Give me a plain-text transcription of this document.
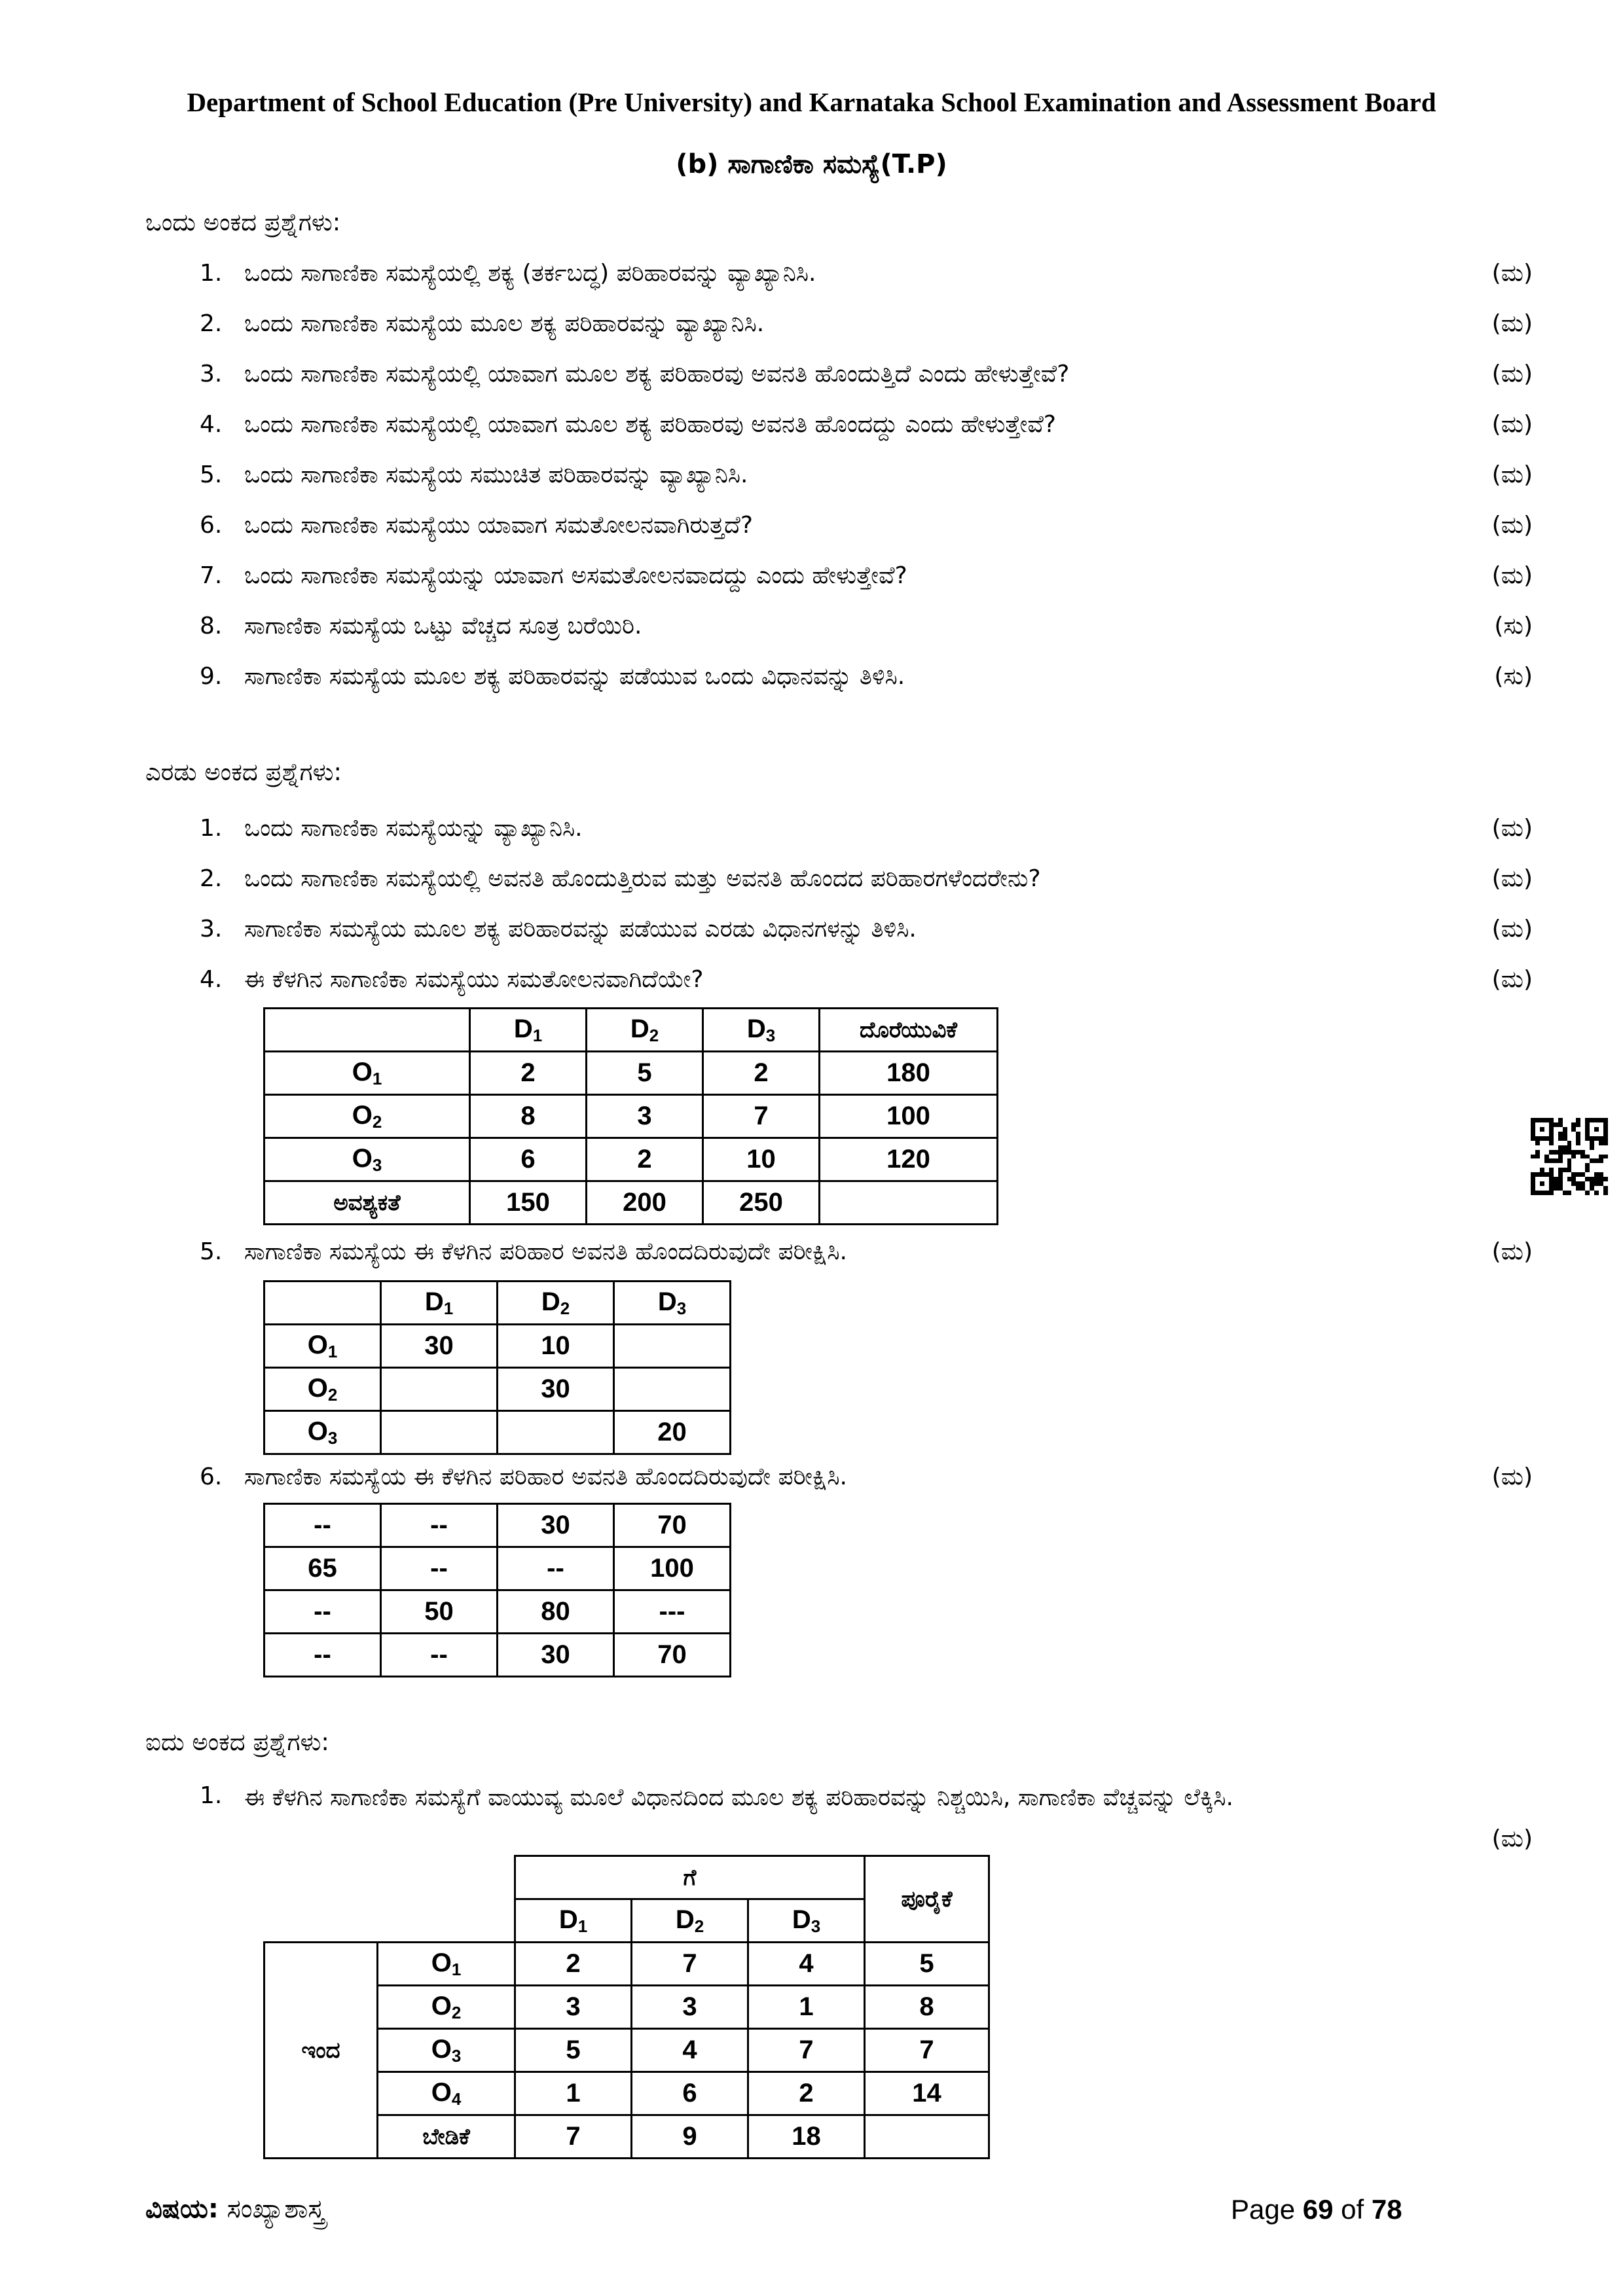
Department of School Education (Pre University) and Karnataka School Examination and Assessment Board
(b) ಸಾಗಾಣಿಕಾ ಸಮಸ್ಯೆ(T.P)
ಒಂದು ಅಂಕದ ಪ್ರಶ್ನೆಗಳು:
1. ಒಂದು ಸಾಗಾಣಿಕಾ ಸಮಸ್ಯೆಯಲ್ಲಿ ಶಕ್ಯ (ತರ್ಕಬದ್ಧ) ಪರಿಹಾರವನ್ನು ವ್ಯಾಖ್ಯಾನಿಸಿ.	(ಮ)
2. ಒಂದು ಸಾಗಾಣಿಕಾ ಸಮಸ್ಯೆಯ ಮೂಲ ಶಕ್ಯ ಪರಿಹಾರವನ್ನು ವ್ಯಾಖ್ಯಾನಿಸಿ.	(ಮ)
3. ಒಂದು ಸಾಗಾಣಿಕಾ ಸಮಸ್ಯೆಯಲ್ಲಿ ಯಾವಾಗ ಮೂಲ ಶಕ್ಯ ಪರಿಹಾರವು ಅವನತಿ ಹೊಂದುತ್ತಿದೆ ಎಂದು ಹೇಳುತ್ತೇವೆ?	(ಮ)
4. ಒಂದು ಸಾಗಾಣಿಕಾ ಸಮಸ್ಯೆಯಲ್ಲಿ ಯಾವಾಗ ಮೂಲ ಶಕ್ಯ ಪರಿಹಾರವು ಅವನತಿ ಹೊಂದದ್ದು ಎಂದು ಹೇಳುತ್ತೇವೆ?	(ಮ)
5. ಒಂದು ಸಾಗಾಣಿಕಾ ಸಮಸ್ಯೆಯ ಸಮುಚಿತ ಪರಿಹಾರವನ್ನು ವ್ಯಾಖ್ಯಾನಿಸಿ.	(ಮ)
6. ಒಂದು ಸಾಗಾಣಿಕಾ ಸಮಸ್ಯೆಯು ಯಾವಾಗ ಸಮತೋಲನವಾಗಿರುತ್ತದೆ?	(ಮ)
7. ಒಂದು ಸಾಗಾಣಿಕಾ ಸಮಸ್ಯೆಯನ್ನು ಯಾವಾಗ ಅಸಮತೋಲನವಾದದ್ದು ಎಂದು ಹೇಳುತ್ತೇವೆ?	(ಮ)
8. ಸಾಗಾಣಿಕಾ ಸಮಸ್ಯೆಯ ಒಟ್ಟು ವೆಚ್ಚದ ಸೂತ್ರ ಬರೆಯಿರಿ.	(ಸು)
9. ಸಾಗಾಣಿಕಾ ಸಮಸ್ಯೆಯ ಮೂಲ ಶಕ್ಯ ಪರಿಹಾರವನ್ನು ಪಡೆಯುವ ಒಂದು ವಿಧಾನವನ್ನು ತಿಳಿಸಿ.	(ಸು)
ಎರಡು ಅಂಕದ ಪ್ರಶ್ನೆಗಳು:
1. ಒಂದು ಸಾಗಾಣಿಕಾ ಸಮಸ್ಯೆಯನ್ನು ವ್ಯಾಖ್ಯಾನಿಸಿ.	(ಮ)
2. ಒಂದು ಸಾಗಾಣಿಕಾ ಸಮಸ್ಯೆಯಲ್ಲಿ ಅವನತಿ ಹೊಂದುತ್ತಿರುವ ಮತ್ತು ಅವನತಿ ಹೊಂದದ ಪರಿಹಾರಗಳೆಂದರೇನು?	(ಮ)
3. ಸಾಗಾಣಿಕಾ ಸಮಸ್ಯೆಯ ಮೂಲ ಶಕ್ಯ ಪರಿಹಾರವನ್ನು ಪಡೆಯುವ ಎರಡು ವಿಧಾನಗಳನ್ನು ತಿಳಿಸಿ.	(ಮ)
4. ಈ ಕೆಳಗಿನ ಸಾಗಾಣಿಕಾ ಸಮಸ್ಯೆಯು ಸಮತೋಲನವಾಗಿದೆಯೇ?	(ಮ)
	$D_1$	$D_2$	$D_3$	ದೊರೆಯುವಿಕೆ
$O_1$	2	5	2	180
$O_2$	8	3	7	100
$O_3$	6	2	10	120
ಅವಶ್ಯಕತೆ	150	200	250	
5. ಸಾಗಾಣಿಕಾ ಸಮಸ್ಯೆಯ ಈ ಕೆಳಗಿನ ಪರಿಹಾರ ಅವನತಿ ಹೊಂದದಿರುವುದೇ ಪರೀಕ್ಷಿಸಿ.	(ಮ)
	$D_1$	$D_2$	$D_3$
$O_1$	30	10	
$O_2$		30	
$O_3$			20
6. ಸಾಗಾಣಿಕಾ ಸಮಸ್ಯೆಯ ಈ ಕೆಳಗಿನ ಪರಿಹಾರ ಅವನತಿ ಹೊಂದದಿರುವುದೇ ಪರೀಕ್ಷಿಸಿ.	(ಮ)
--	--	30	70
65	--	--	100
--	50	80	---
--	--	30	70
ಐದು ಅಂಕದ ಪ್ರಶ್ನೆಗಳು:
1. ಈ ಕೆಳಗಿನ ಸಾಗಾಣಿಕಾ ಸಮಸ್ಯೆಗೆ ವಾಯುವ್ಯ ಮೂಲೆ ವಿಧಾನದಿಂದ ಮೂಲ ಶಕ್ಯ ಪರಿಹಾರವನ್ನು ನಿಶ್ಚಯಿಸಿ, ಸಾಗಾಣಿಕಾ ವೆಚ್ಚವನ್ನು ಲೆಕ್ಕಿಸಿ.
(ಮ)
		ಗೆ			ಪೂರೈಕೆ
		$D_1$	$D_2$	$D_3$
ಇಂದ	$O_1$	2	7	4	5
	$O_2$	3	3	1	8
	$O_3$	5	4	7	7
	$O_4$	1	6	2	14
	ಬೇಡಿಕೆ	7	9	18	
ವಿಷಯ: ಸಂಖ್ಯಾಶಾಸ್ತ್ರ	Page 69 of 78
